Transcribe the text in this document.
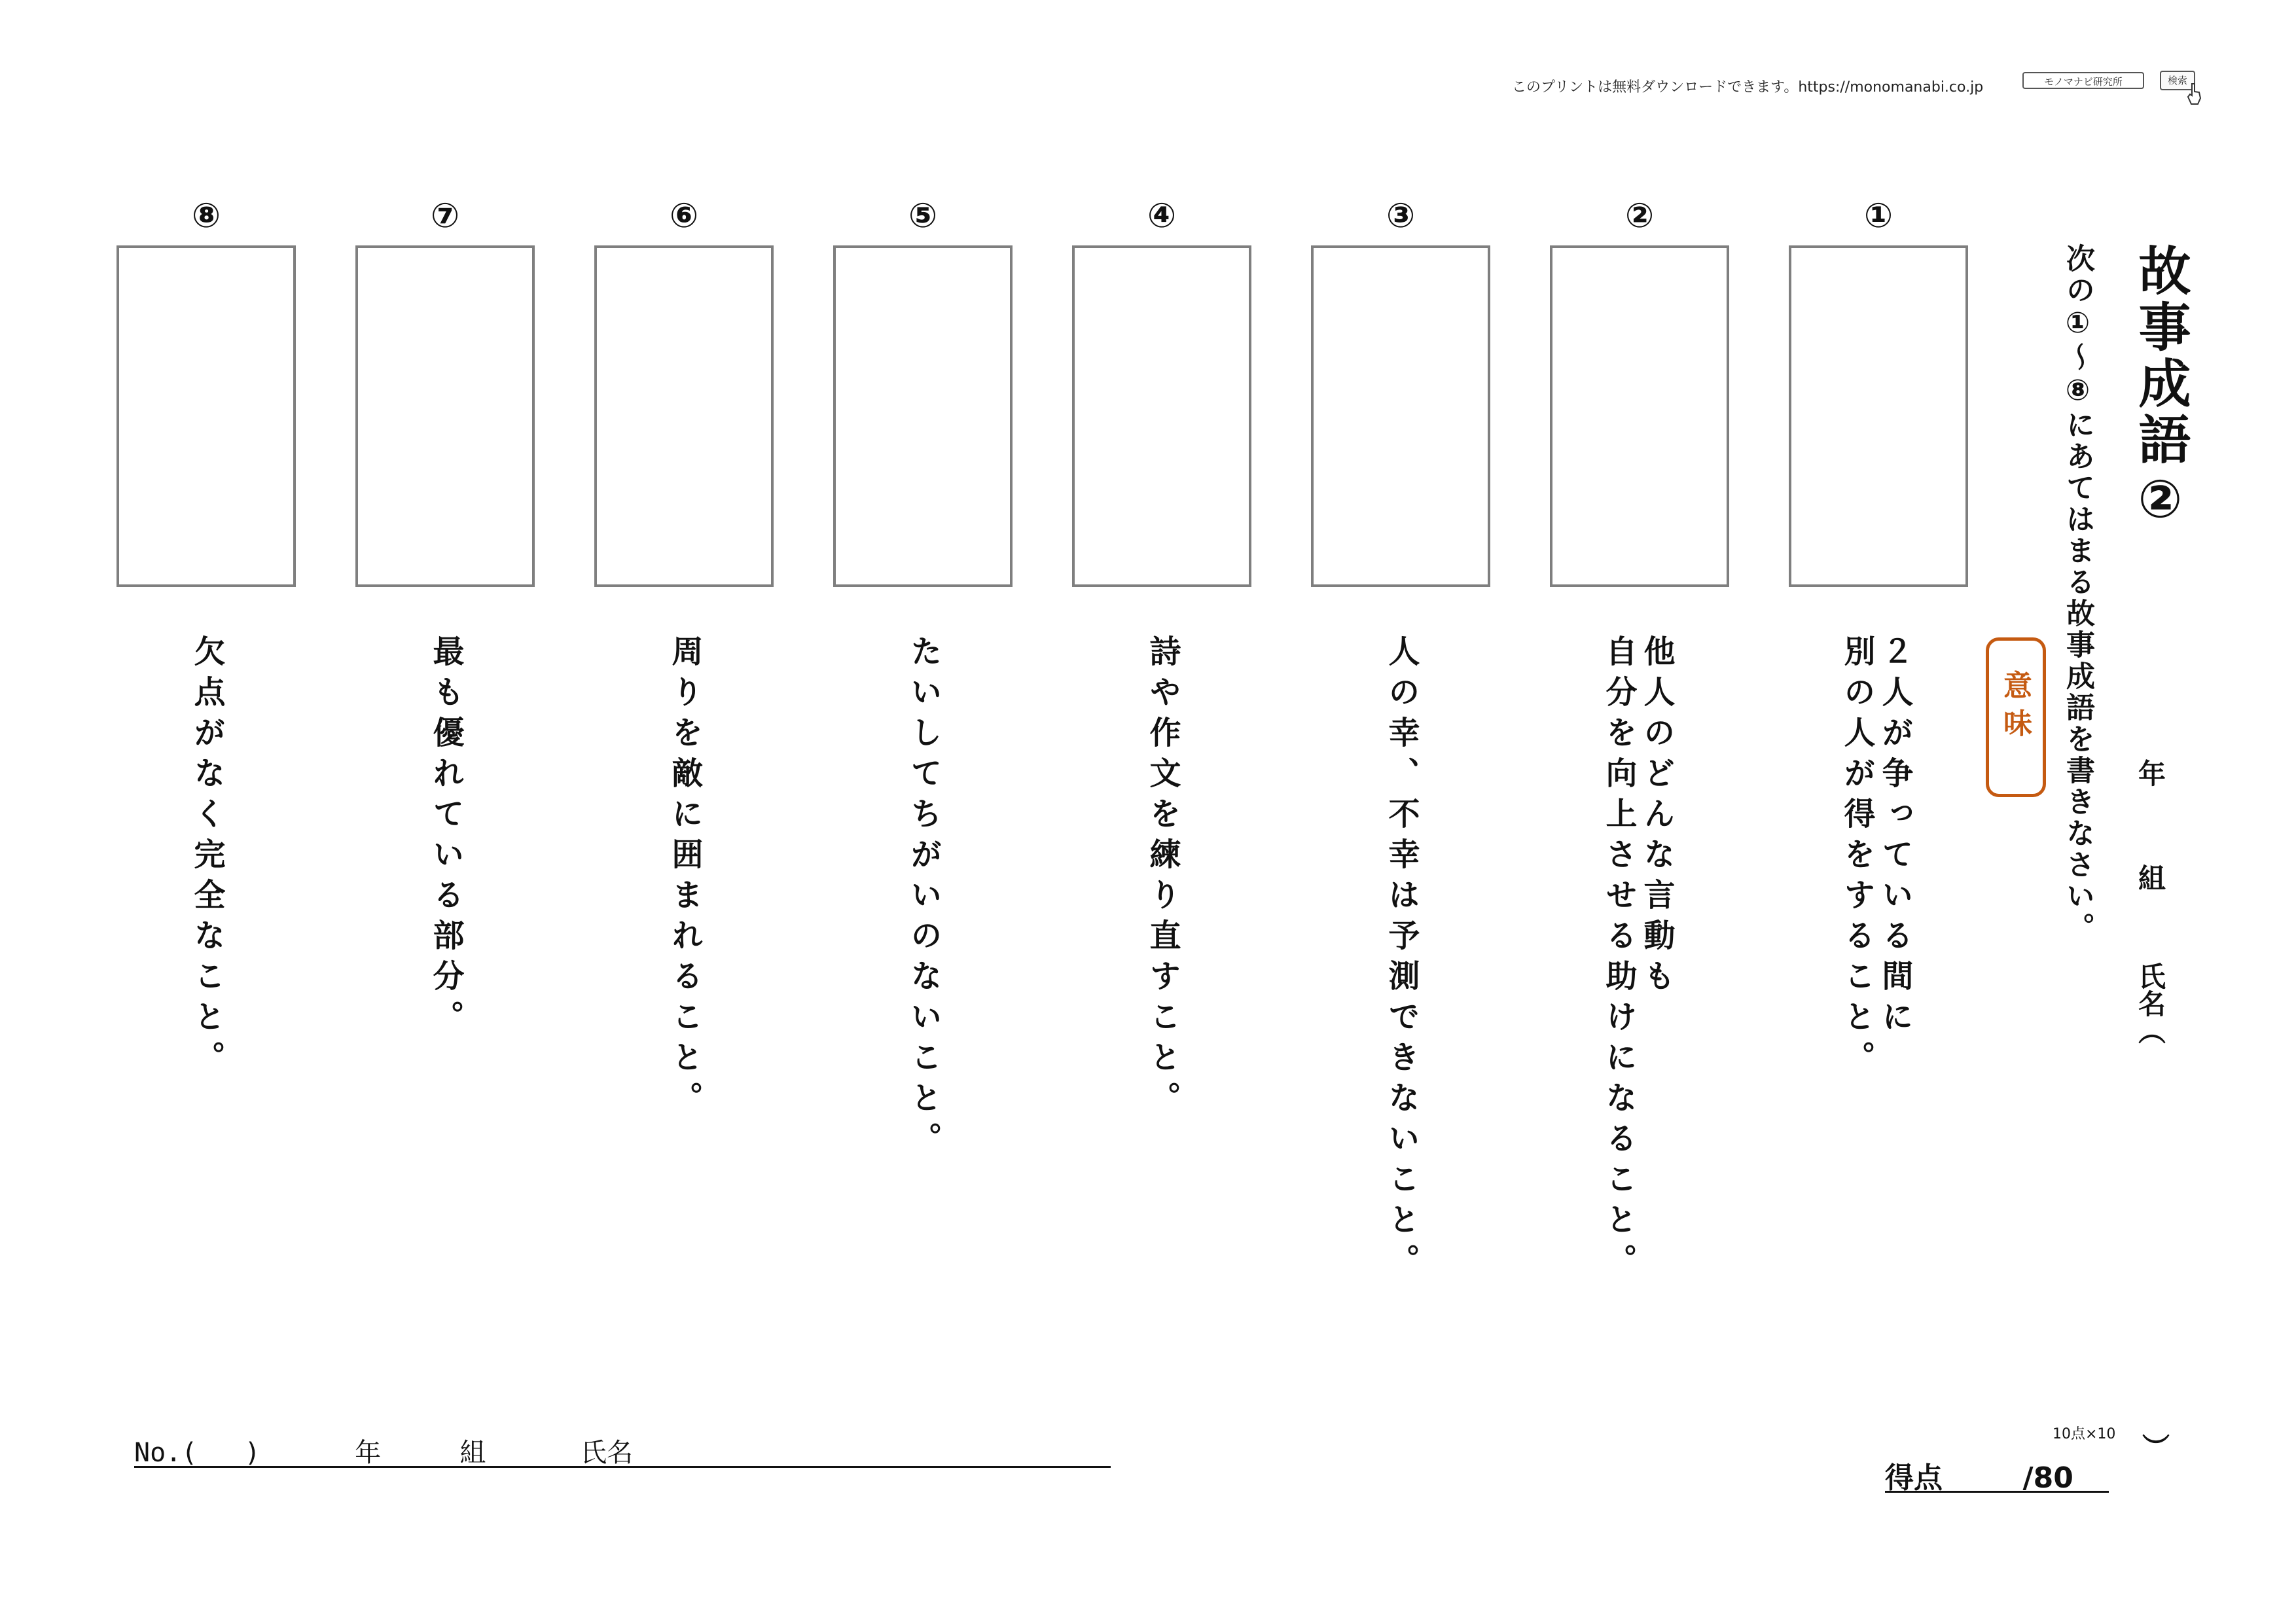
このプリントは無料ダウンロードできます。https://monomanabi.co.jp	モノマナビ研究所	検索
故事成語②
次の①～⑧にあてはまる故事成語を書きなさい。
意味
年
組
氏名（
）
①
②
③
④
⑤
⑥
⑦
⑧
２人が争っている間に
別の人が得をすること。
他人のどんな言動も
自分を向上させる助けになること。
人の幸、不幸は予測できないこと。
詩や作文を練り直すこと。
たいしてちがいのないこと。
周りを敵に囲まれること。
最も優れている部分。
欠点がなく完全なこと。
No.(   )      年     組      氏名
10点×10
得点        /80
